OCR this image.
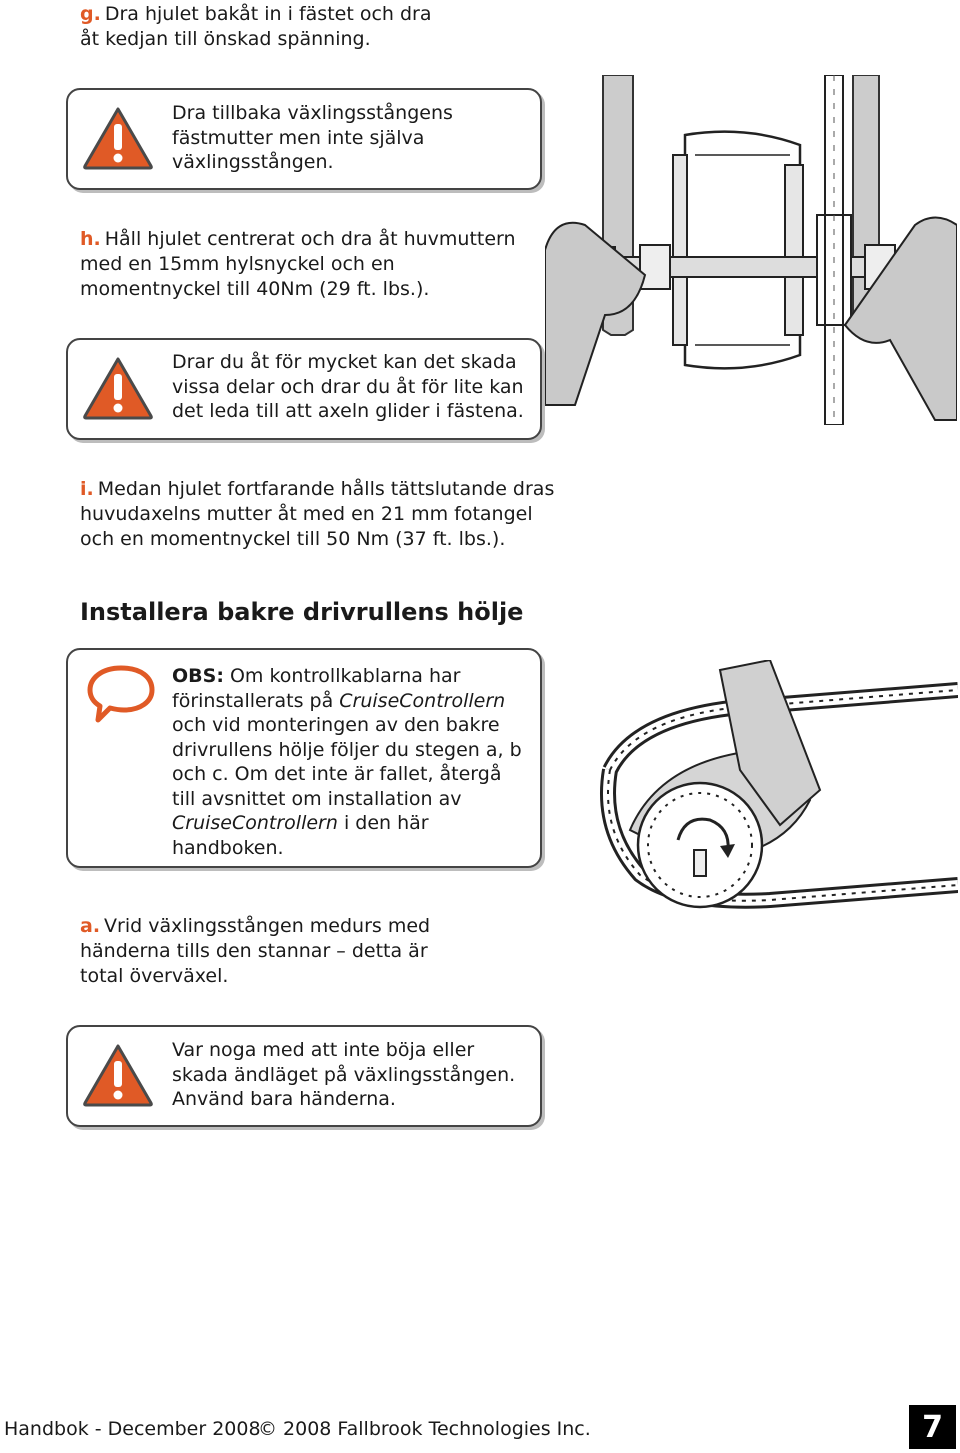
g. Dra hjulet bakåt in i fästet och dra
åt kedjan till önskad spänning.
Dra tillbaka växlingsstångens
fästmutter men inte själva
växlingsstången.
h. Håll hjulet centrerat och dra åt huvmuttern
med en 15mm hylsnyckel och en
momentnyckel till 40Nm (29 ft. lbs.).
Drar du åt för mycket kan det skada
vissa delar och drar du åt för lite kan
det leda till att axeln glider i fästena.
i. Medan hjulet fortfarande hålls tättslutande dras
huvudaxelns mutter åt med en 21 mm fotangel
och en momentnyckel till 50 Nm (37 ft. lbs.).
Installera bakre drivrullens hölje
OBS: Om kontrollkablarna har
förinstallerats på CruiseControllern
och vid monteringen av den bakre
drivrullens hölje följer du stegen a, b
och c. Om det inte är fallet, återgå
till avsnittet om installation av
CruiseControllern i den här
handboken.
a. Vrid växlingsstången medurs med
händerna tills den stannar – detta är
total överväxel.
Var noga med att inte böja eller
skada ändläget på växlingsstången.
Använd bara händerna.
Handbok - December 2008
© 2008 Fallbrook Technologies Inc.	7
